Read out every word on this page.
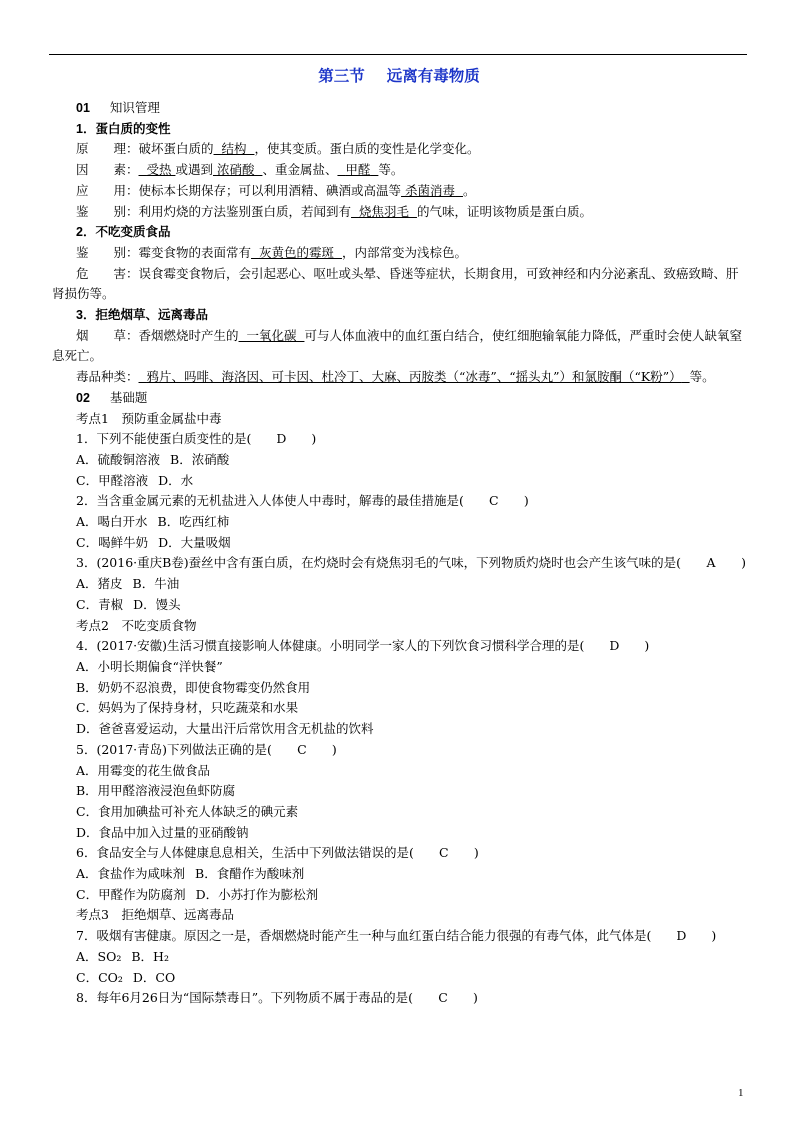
第三节 远离有毒物质

01 知识管理

1．蛋白质的变性

原　　理：破坏蛋白质的 结构 ，使其变质。蛋白质的变性是化学变化。

因　　素： 受热 或遇到 浓硝酸 、重金属盐、 甲醛 等。

应　　用：使标本长期保存；可以利用酒精、碘酒或高温等 杀菌消毒 。

鉴　　别：利用灼烧的方法鉴别蛋白质，若闻到有 烧焦羽毛 的气味，证明该物质是蛋白质。

2．不吃变质食品

鉴　　别：霉变食物的表面常有 灰黄色的霉斑 ，内部常变为浅棕色。

危　　害：误食霉变食物后，会引起恶心、呕吐或头晕、昏迷等症状，长期食用，可致神经和内分泌紊乱、致癌致畸、肝肾损伤等。

3．拒绝烟草、远离毒品

烟　　草：香烟燃烧时产生的 一氧化碳 可与人体血液中的血红蛋白结合，使红细胞输氧能力降低，严重时会使人缺氧窒息死亡。

毒品种类： 鸦片、吗啡、海洛因、可卡因、杜冷丁、大麻、丙胺类（“冰毒”、“摇头丸”）和氯胺酮（“K粉”） 等。

02 基础题

考点1　预防重金属盐中毒

1．下列不能使蛋白质变性的是( D )

A．硫酸铜溶液 B．浓硝酸

C．甲醛溶液 D．水

2．当含重金属元素的无机盐进入人体使人中毒时，解毒的最佳措施是( C )

A．喝白开水 B．吃西红柿

C．喝鲜牛奶 D．大量吸烟

3．(2016·重庆B卷)蚕丝中含有蛋白质，在灼烧时会有烧焦羽毛的气味，下列物质灼烧时也会产生该气味的是( A )

A．猪皮 B．牛油

C．青椒 D．馒头

考点2　不吃变质食物

4．(2017·安徽)生活习惯直接影响人体健康。小明同学一家人的下列饮食习惯科学合理的是( D )

A．小明长期偏食“洋快餐”

B．奶奶不忍浪费，即使食物霉变仍然食用

C．妈妈为了保持身材，只吃蔬菜和水果

D．爸爸喜爱运动，大量出汗后常饮用含无机盐的饮料

5．(2017·青岛)下列做法正确的是( C )

A．用霉变的花生做食品

B．用甲醛溶液浸泡鱼虾防腐

C．食用加碘盐可补充人体缺乏的碘元素

D．食品中加入过量的亚硝酸钠

6．食品安全与人体健康息息相关，生活中下列做法错误的是( C )

A．食盐作为咸味剂 B．食醋作为酸味剂

C．甲醛作为防腐剂 D．小苏打作为膨松剂

考点3　拒绝烟草、远离毒品

7．吸烟有害健康。原因之一是，香烟燃烧时能产生一种与血红蛋白结合能力很强的有毒气体，此气体是( D )

A．SO₂ B．H₂

C．CO₂ D．CO

8．每年6月26日为“国际禁毒日”。下列物质不属于毒品的是( C )

1
